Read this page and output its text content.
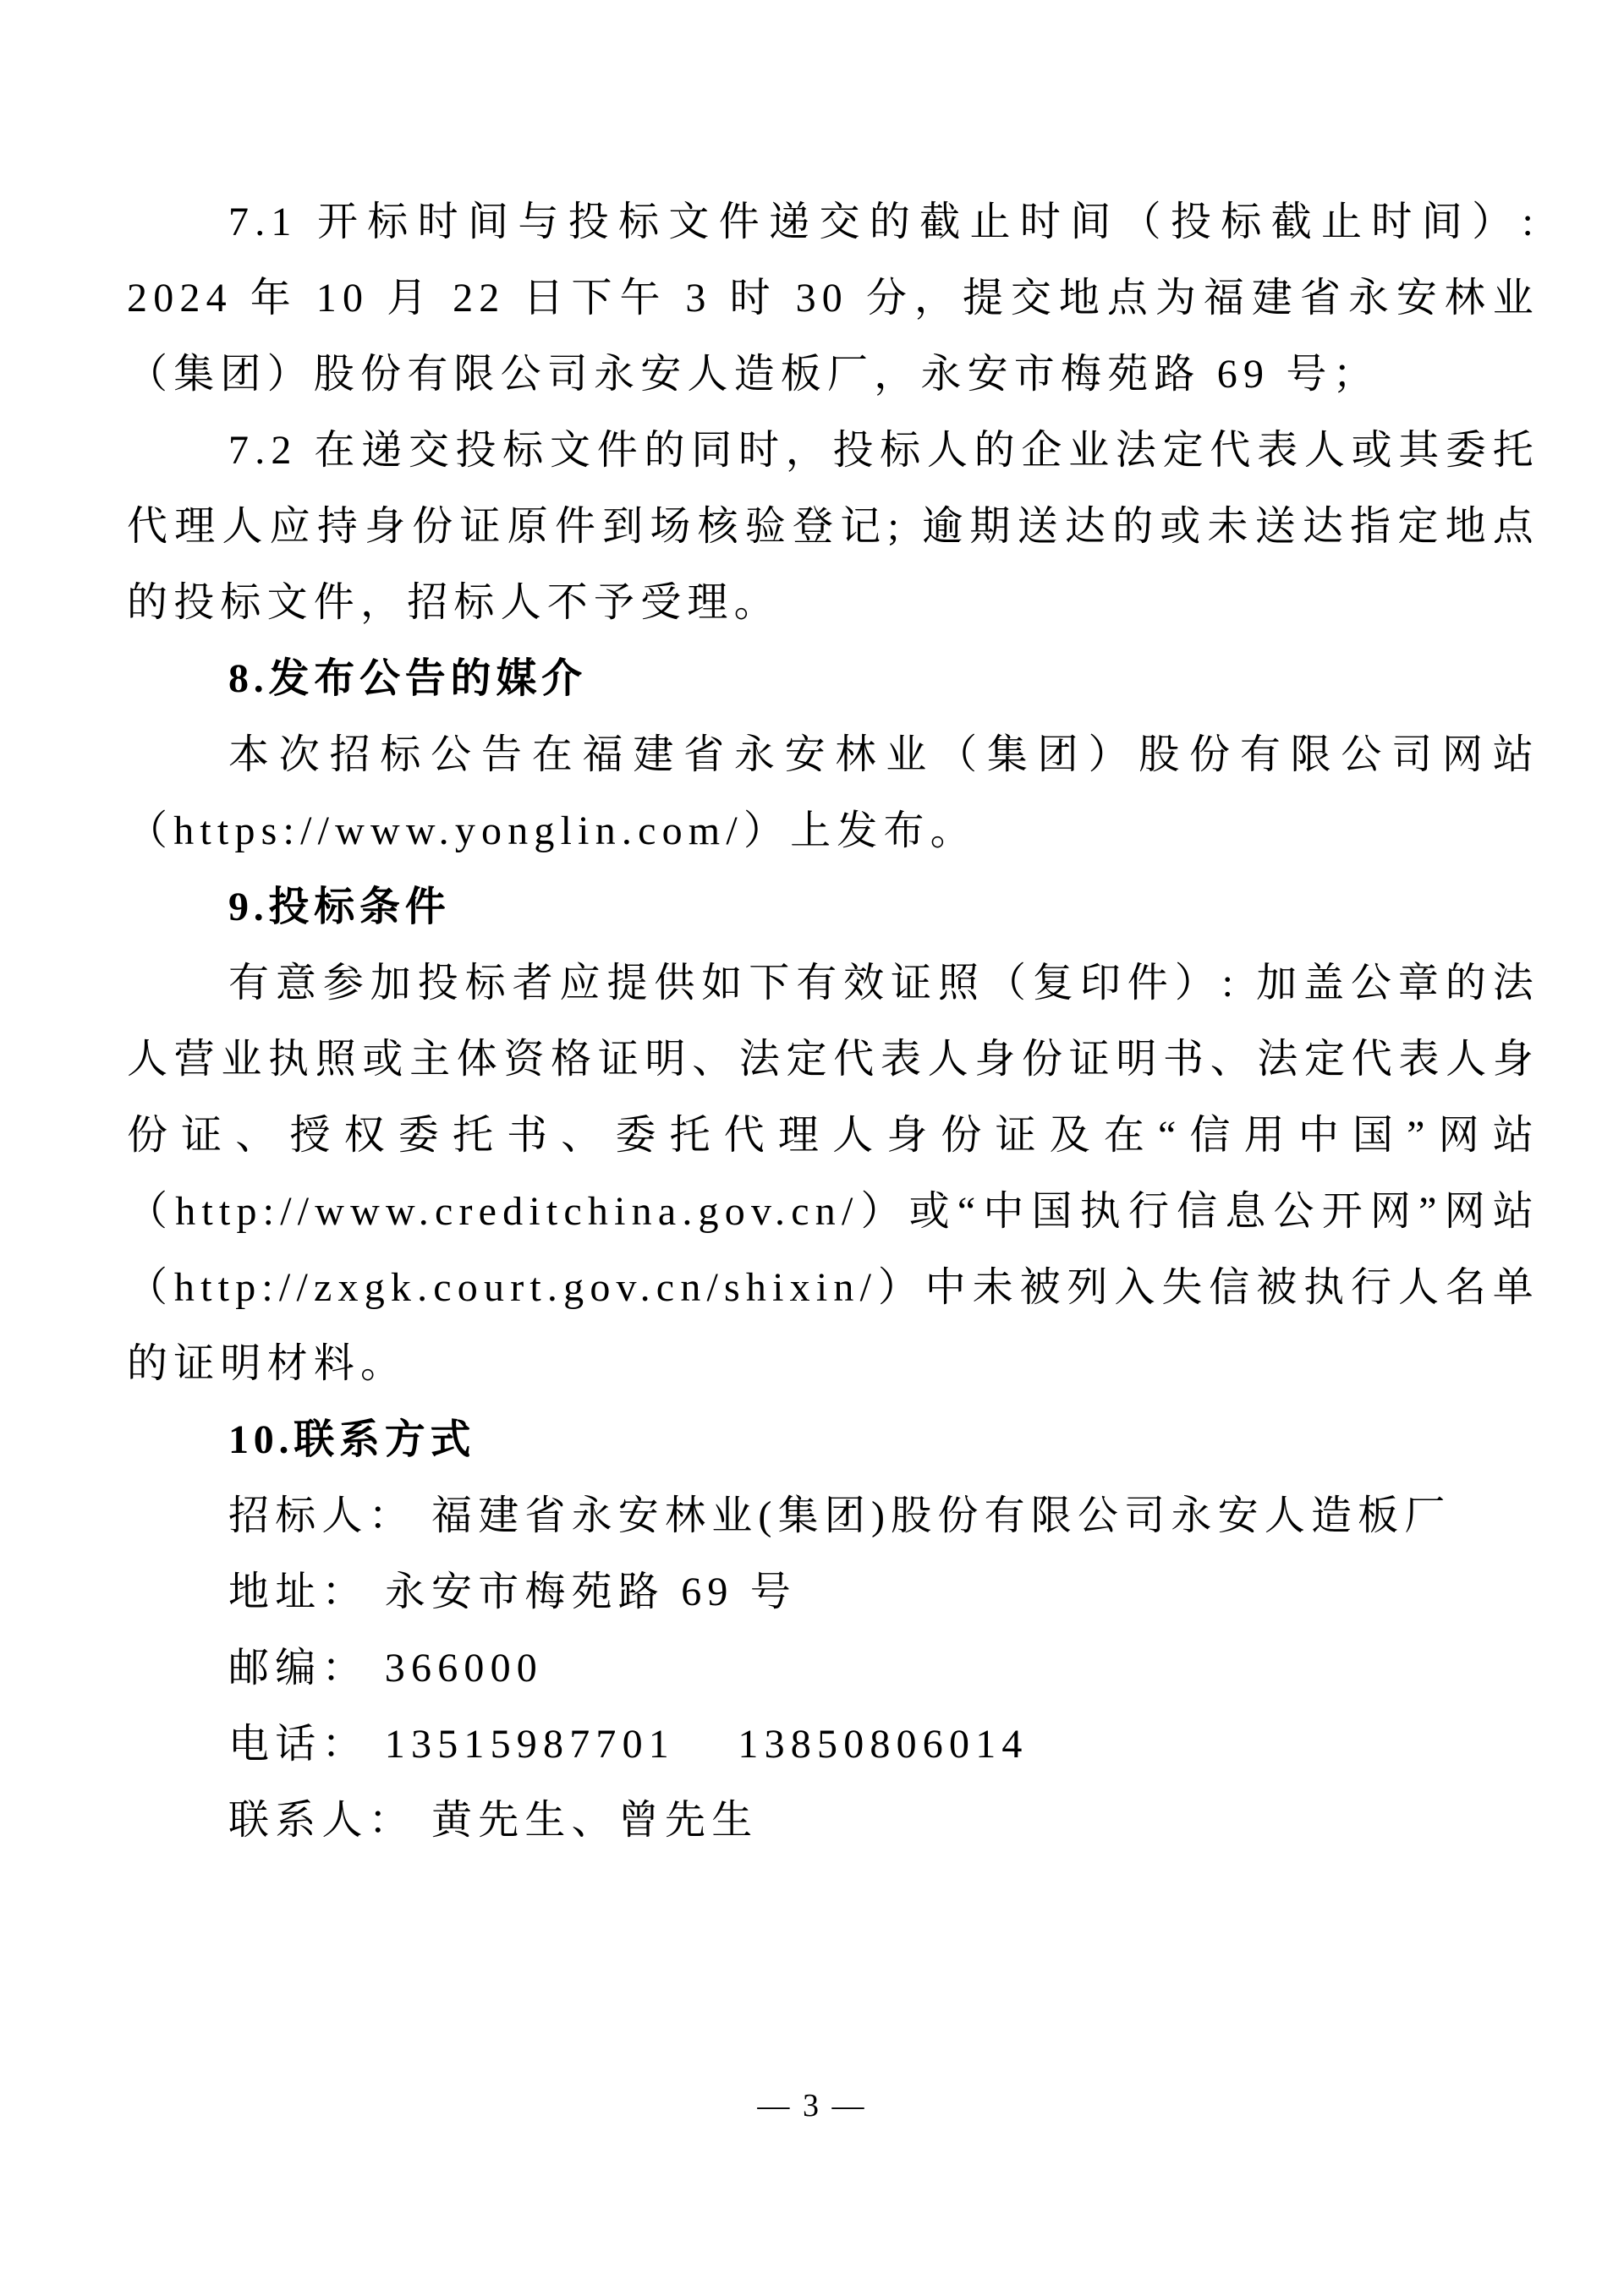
7.1 开标时间与投标文件递交的截止时间（投标截止时间）: 2024 年 10 月 22 日下午 3 时 30 分，提交地点为福建省永安林业（集团）股份有限公司永安人造板厂，永安市梅苑路 69 号；

7.2 在递交投标文件的同时，投标人的企业法定代表人或其委托代理人应持身份证原件到场核验登记; 逾期送达的或未送达指定地点的投标文件，招标人不予受理。

8.发布公告的媒介

本次招标公告在福建省永安林业（集团）股份有限公司网站（https://www.yonglin.com/）上发布。

9.投标条件

有意参加投标者应提供如下有效证照（复印件）: 加盖公章的法人营业执照或主体资格证明、法定代表人身份证明书、法定代表人身份证、授权委托书、委托代理人身份证及在“信用中国”网站（http://www.creditchina.gov.cn/）或“中国执行信息公开网”网站（http://zxgk.court.gov.cn/shixin/）中未被列入失信被执行人名单的证明材料。

10.联系方式

招标人： 福建省永安林业(集团)股份有限公司永安人造板厂

地址： 永安市梅苑路 69 号

邮编： 366000

电话： 13515987701　 13850806014

联系人： 黄先生、曾先生

— 3 —
